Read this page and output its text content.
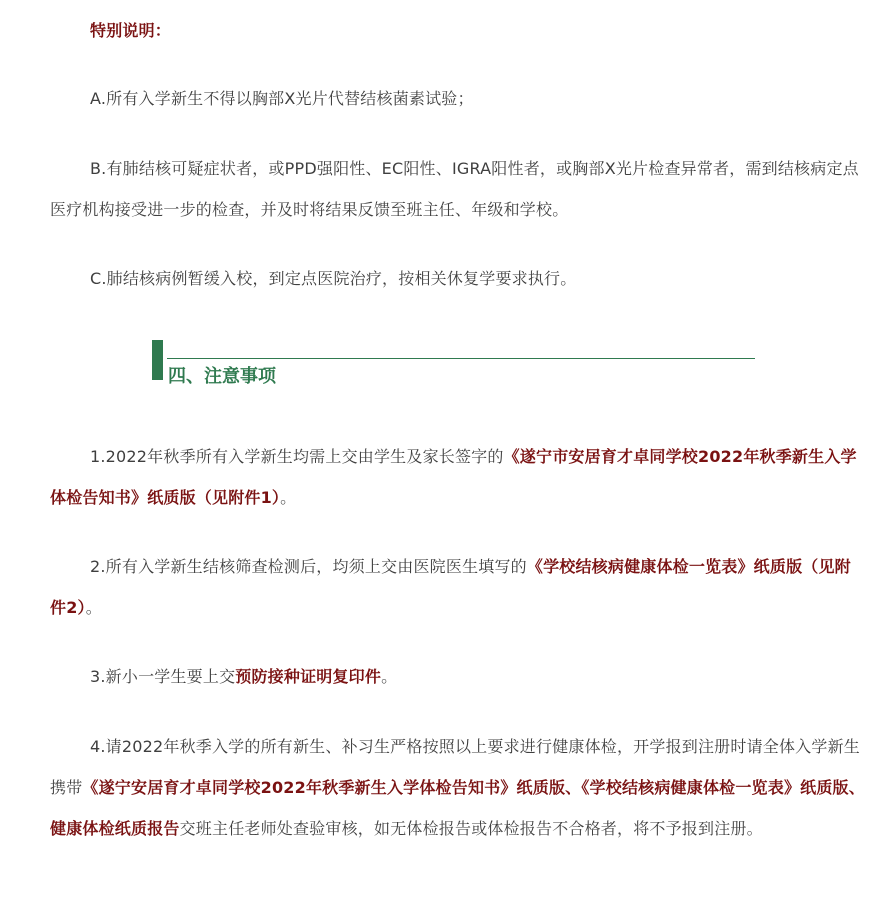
特别说明：

A.所有入学新生不得以胸部X光片代替结核菌素试验；

B.有肺结核可疑症状者，或PPD强阳性、EC阳性、IGRA阳性者，或胸部X光片检查异常者，需到结核病定点医疗机构接受进一步的检查，并及时将结果反馈至班主任、年级和学校。

C.肺结核病例暂缓入校，到定点医院治疗，按相关休复学要求执行。

四、注意事项

1.2022年秋季所有入学新生均需上交由学生及家长签字的《遂宁市安居育才卓同学校2022年秋季新生入学体检告知书》纸质版（见附件1）。

2.所有入学新生结核筛查检测后，均须上交由医院医生填写的《学校结核病健康体检一览表》纸质版（见附件2）。

3.新小一学生要上交预防接种证明复印件。

4.请2022年秋季入学的所有新生、补习生严格按照以上要求进行健康体检，开学报到注册时请全体入学新生携带《遂宁安居育才卓同学校2022年秋季新生入学体检告知书》纸质版、《学校结核病健康体检一览表》纸质版、健康体检纸质报告交班主任老师处查验审核，如无体检报告或体检报告不合格者，将不予报到注册。
